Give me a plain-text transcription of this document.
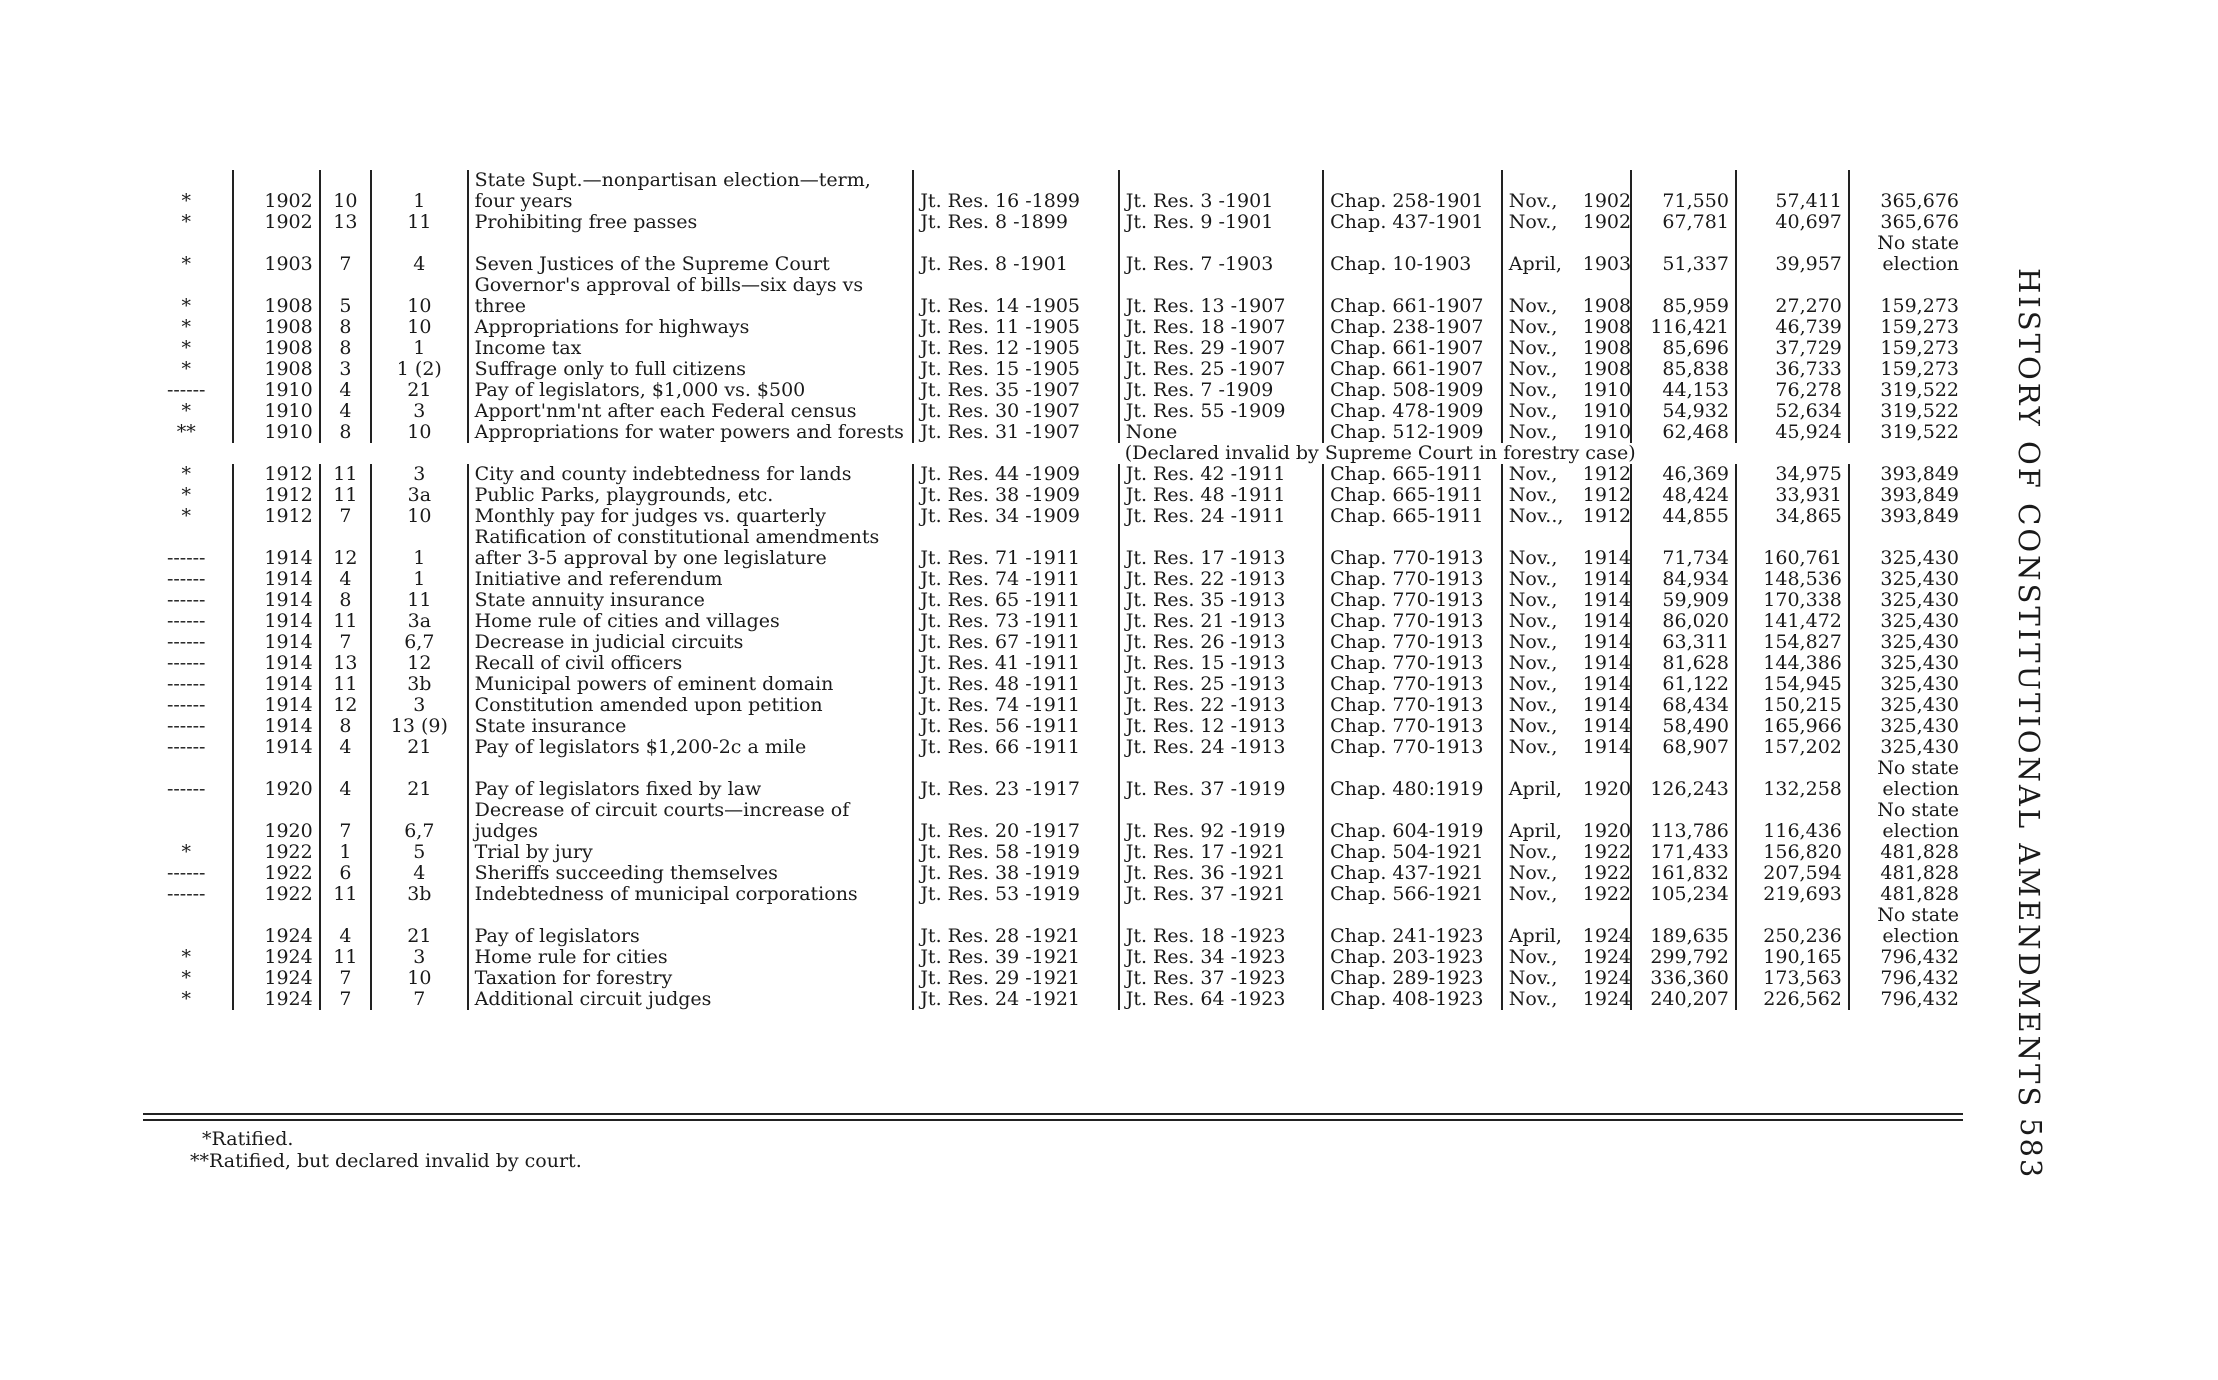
*	1902	10	1	State Supt.—nonpartisan election—term, four years	Jt. Res. 16 -1899	Jt. Res. 3 -1901	Chap. 258-1901	Nov.,	1902	71,550	57,411	365,676
*	1902	13	11	Prohibiting free passes	Jt. Res. 8 -1899	Jt. Res. 9 -1901	Chap. 437-1901	Nov.,	1902	67,781	40,697	365,676
*	1903	7	4	Seven Justices of the Supreme Court	Jt. Res. 8 -1901	Jt. Res. 7 -1903	Chap. 10-1903	April,	1903	51,337	39,957	No state election
*	1908	5	10	Governor's approval of bills—six days vs three	Jt. Res. 14 -1905	Jt. Res. 13 -1907	Chap. 661-1907	Nov.,	1908	85,959	27,270	159,273
*	1908	8	10	Appropriations for highways	Jt. Res. 11 -1905	Jt. Res. 18 -1907	Chap. 238-1907	Nov.,	1908	116,421	46,739	159,273
*	1908	8	1	Income tax	Jt. Res. 12 -1905	Jt. Res. 29 -1907	Chap. 661-1907	Nov.,	1908	85,696	37,729	159,273
*	1908	3	1 (2)	Suffrage only to full citizens	Jt. Res. 15 -1905	Jt. Res. 25 -1907	Chap. 661-1907	Nov.,	1908	85,838	36,733	159,273
------	1910	4	21	Pay of legislators, $1,000 vs. $500	Jt. Res. 35 -1907	Jt. Res. 7 -1909	Chap. 508-1909	Nov.,	1910	44,153	76,278	319,522
*	1910	4	3	Apport'nm'nt after each Federal census	Jt. Res. 30 -1907	Jt. Res. 55 -1909	Chap. 478-1909	Nov.,	1910	54,932	52,634	319,522
**	1910	8	10	Appropriations for water powers and forests	Jt. Res. 31 -1907	None	Chap. 512-1909	Nov.,	1910	62,468	45,924	319,522
						(Declared invalid by Supreme Court in forestry case)						
*	1912	11	3	City and county indebtedness for lands	Jt. Res. 44 -1909	Jt. Res. 42 -1911	Chap. 665-1911	Nov.,	1912	46,369	34,975	393,849
*	1912	11	3a	Public Parks, playgrounds, etc.	Jt. Res. 38 -1909	Jt. Res. 48 -1911	Chap. 665-1911	Nov.,	1912	48,424	33,931	393,849
*	1912	7	10	Monthly pay for judges vs. quarterly	Jt. Res. 34 -1909	Jt. Res. 24 -1911	Chap. 665-1911	Nov..,	1912	44,855	34,865	393,849
------	1914	12	1	Ratification of constitutional amendments after 3-5 approval by one legislature	Jt. Res. 71 -1911	Jt. Res. 17 -1913	Chap. 770-1913	Nov.,	1914	71,734	160,761	325,430
------	1914	4	1	Initiative and referendum	Jt. Res. 74 -1911	Jt. Res. 22 -1913	Chap. 770-1913	Nov.,	1914	84,934	148,536	325,430
------	1914	8	11	State annuity insurance	Jt. Res. 65 -1911	Jt. Res. 35 -1913	Chap. 770-1913	Nov.,	1914	59,909	170,338	325,430
------	1914	11	3a	Home rule of cities and villages	Jt. Res. 73 -1911	Jt. Res. 21 -1913	Chap. 770-1913	Nov.,	1914	86,020	141,472	325,430
------	1914	7	6,7	Decrease in judicial circuits	Jt. Res. 67 -1911	Jt. Res. 26 -1913	Chap. 770-1913	Nov.,	1914	63,311	154,827	325,430
------	1914	13	12	Recall of civil officers	Jt. Res. 41 -1911	Jt. Res. 15 -1913	Chap. 770-1913	Nov.,	1914	81,628	144,386	325,430
------	1914	11	3b	Municipal powers of eminent domain	Jt. Res. 48 -1911	Jt. Res. 25 -1913	Chap. 770-1913	Nov.,	1914	61,122	154,945	325,430
------	1914	12	3	Constitution amended upon petition	Jt. Res. 74 -1911	Jt. Res. 22 -1913	Chap. 770-1913	Nov.,	1914	68,434	150,215	325,430
------	1914	8	13 (9)	State insurance	Jt. Res. 56 -1911	Jt. Res. 12 -1913	Chap. 770-1913	Nov.,	1914	58,490	165,966	325,430
------	1914	4	21	Pay of legislators $1,200-2c a mile	Jt. Res. 66 -1911	Jt. Res. 24 -1913	Chap. 770-1913	Nov.,	1914	68,907	157,202	325,430
------	1920	4	21	Pay of legislators fixed by law	Jt. Res. 23 -1917	Jt. Res. 37 -1919	Chap. 480:1919	April,	1920	126,243	132,258	No state election
	1920	7	6,7	Decrease of circuit courts—increase of judges	Jt. Res. 20 -1917	Jt. Res. 92 -1919	Chap. 604-1919	April,	1920	113,786	116,436	No state election
*	1922	1	5	Trial by jury	Jt. Res. 58 -1919	Jt. Res. 17 -1921	Chap. 504-1921	Nov.,	1922	171,433	156,820	481,828
------	1922	6	4	Sheriffs succeeding themselves	Jt. Res. 38 -1919	Jt. Res. 36 -1921	Chap. 437-1921	Nov.,	1922	161,832	207,594	481,828
------	1922	11	3b	Indebtedness of municipal corporations	Jt. Res. 53 -1919	Jt. Res. 37 -1921	Chap. 566-1921	Nov.,	1922	105,234	219,693	481,828
	1924	4	21	Pay of legislators	Jt. Res. 28 -1921	Jt. Res. 18 -1923	Chap. 241-1923	April,	1924	189,635	250,236	No state election
*	1924	11	3	Home rule for cities	Jt. Res. 39 -1921	Jt. Res. 34 -1923	Chap. 203-1923	Nov.,	1924	299,792	190,165	796,432
*	1924	7	10	Taxation for forestry	Jt. Res. 29 -1921	Jt. Res. 37 -1923	Chap. 289-1923	Nov.,	1924	336,360	173,563	796,432
*	1924	7	7	Additional circuit judges	Jt. Res. 24 -1921	Jt. Res. 64 -1923	Chap. 408-1923	Nov.,	1924	240,207	226,562	796,432
*Ratified.
**Ratified, but declared invalid by court.
HISTORY OF CONSTITUTIONAL AMENDMENTS
583
